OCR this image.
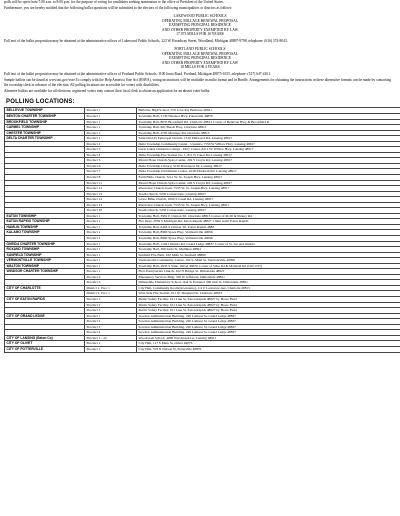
polls will be open from 7:00 a.m. to 8:00 p.m. for the purpose of voting for candidates seeking nomination to the office of President of the United States.

Furthermore, you are hereby notified that the following ballot questions will be submitted to the electors of the following municipalities or districts as follows:

LAKEWOOD PUBLIC SCHOOLS
OPERATING MILLAGE RENEWAL PROPOSAL
EXEMPTING PRINCIPAL RESIDENCE
AND OTHER PROPERTY EXEMPTED BY LAW
17.973 MILLS FOR 10 YEARS

Full text of the ballot proposition may be obtained at the administrative offices of Lakewood Public Schools, 223 W. Broadway Street, Woodland, Michigan 48897-9798, telephone: (616) 374-8043.

PORTLAND PUBLIC SCHOOLS
OPERATING MILLAGE RENEWAL PROPOSAL
EXEMPTING PRINCIPAL RESIDENCE
AND OTHER PROPERTY EXEMPTED BY LAW
18 MILLS FOR 4 YEARS

Full text of the ballot proposition may be obtained at the administrative offices of Portland Public Schools, 1100 Ionia Road, Portland, Michigan 48875-1035, telephone: (517) 647-4161.

Sample ballots can be found at www.mi.gov/vote.To comply with the Help America Vote Act (HAVA), voting instructions will be available in audio format and in Braille. Arrangements for obtaining the instructions in these alternative formats can be made by contacting the township clerk in advance of the election. All polling locations are accessible for voters with disabilities.

Absentee ballots are available for all elections; registered voters may contact their local clerk to obtain an application for an absent voter ballot.

POLLING LOCATIONS:
BELLEVUE TOWNSHIP	Precinct 1	Bellevue High School, 576 Love Rd, Bellevue 49021
BENTON CHARTER TOWNSHIP	Precinct 1	Township Hall, 5136 Windsor Hwy, Potterville 48876
BROOKFIELD TOWNSHIP	Precinct 1	Township Hall, 8033 Brookfield Rd, Charlotte 48813 Corner of Bellevue Hwy & Brookfield R
CARMEL TOWNSHIP	Precinct 1	Township Hall, 661 Beech Hwy, Charlotte 48813
CHESTER TOWNSHIP	Precinct 1	Township Hall, 4795 Martinez Rd, Charlotte 48813
DELTA CHARTER TOWNSHIP	Precinct 1	Saint David's Episcopal Church, 1519 Elmwood Rd, Lansing 48917
	Precinct 2	Delta Township Community Center - Upstairs, 7550 W Willow Hwy, Lansing 48917
	Precinct 3	Great Lakes Christian College - Doty Center, 6211 W. Willow Hwy, Lansing 48917
	Precinct 4	Delta Township Fire Station No. 1, 811 N Canal Rd, Lansing 48917
	Precinct 5	Mount Hope Church-Spiro Center, 202 S Creyts Rd, Lansing 48917
	Precinct 6	Delta Township Library, 5130 Davenport Dr, Lansing 48917
	Precinct 7	Delta Township Enrichment Center, 4538 Elizabeth Rd, Lansing 48917
	Precinct 8	Faith Bible Church, 5211 W. St. Joseph Hwy, Lansing 48917
	Precinct 11	Mount Hope Church-Spiro Center, 202 S Creyts Rd, Lansing 48917
	Precinct 12	Riverview Church-Gym, 7533 W. St. Joseph Hwy, Lansing 48917
	Precinct 13	South Church, 5250 Cornerstone, Lansing 48917
	Precinct 14	Grace Bible Church, 1000 S Canal Rd, Lansing 48917
	Precinct 15	Riverview Church-Gym, 7533 W. St. Joseph Hwy, Lansing 48917
	Precinct 16	South Church, 5250 Cornerstone, Lansing 48917
EATON TOWNSHIP	Precinct 1	Township Hall, 3981 E Clinton Trl, Charlotte 48813 Corner of M-50 & Pinkey Rd
EATON RAPIDS TOWNSHIP	Precinct 1	Fire Dept, 2959 S Michigan Rd, Eaton Rapids 48827 1 mile north Eaton Rapids
HAMLIN TOWNSHIP	Precinct 1	Township Hall, 6463 S Clinton Trl, Eaton Rapids 4882
KALAMO TOWNSHIP	Precinct 1	Township Hall, 8960 Spore Hwy, Vermontville 49096
	Precinct 2	Township Hall, 8960 Spore Hwy, Vermontville 49096
ONEIDA CHARTER TOWNSHIP	Precinct 1	Township Hall, 11041 Oneida Rd, Grand Ledge 48837 Corner of St. Joe and Oneida
ROXAND TOWNSHIP	Precinct 1	Township Hall, 390 Ionia St, Mulliken 48861
SUNFIELD TOWNSHIP	Precinct 1	Sunfield Fire Barn, 162 Main St, Sunfield 48890
VERMONTVILLE TOWNSHIP	Precinct 1	Vermontville Community Center, 194 S. Main St, Vermontville 49096
WALTON TOWNSHIP	Precinct 1	Township Hall, 4933 S Stine, Olivet 49076 Corner of Stine Rd & Marshall Rd (Old 1?27)
WINDSOR CHARTER TOWNSHIP	Precinct 1	First Presbyterian Church, 102 N Bridge St, Dimondale 48821
	Precinct 2	Emergency Services Bldg, 330 W Jefferson, Dimondale 48821
	Precinct 3	Dimondale Elementary School, Oak St Entrance 300 Oak St, Dimondale 48821
CITY OF CHARLOTTE	District 1, Prec 1	City Hall, Community Room(downstairs), 111 E Lawrence Ave, Charlotte 48813
	District 2, Prec 1	West Side Fire Station, 911 W. Shepherd St, Charlotte 48813
CITY OF EATON RAPIDS	Precinct 1	Public Safety Facility, 101 Line St, Eaton Rapids 48827 by Howe Field
	Precinct 2	Public Safety Facility, 101 Line St, Eaton Rapids 48827 by Howe Field
	Precinct 3	Public Safety Facility, 101 Line St, Eaton Rapids 48827 by Howe Field
CITY OF GRAND LEDGE	Precinct 1	Sowdon Administration Building, 220 Lamson St, Grand Ledge 48837
	Precinct 2	Sowdon Administration Building, 220 Lamson St, Grand Ledge 48837
	Precinct 3	Sowdon Administration Building, 220 Lamson St, Grand Ledge 48837
	Precinct 4	Sowdon Administration Building, 220 Lamson St, Grand Ledge 48837
CITY OF LANSING (Eaton Co)	Precinct 3 - 22	Woodcreek School, 4000 Woodcreek Ln, Lansing 48911
CITY OF OLIVET	Precinct 1	City Hall, 117 S Main St, Olivet 49076
CITY OF POTTERVILLE	Precinct 1	City Hall, 319 N Nelson St, Potterville 48876
